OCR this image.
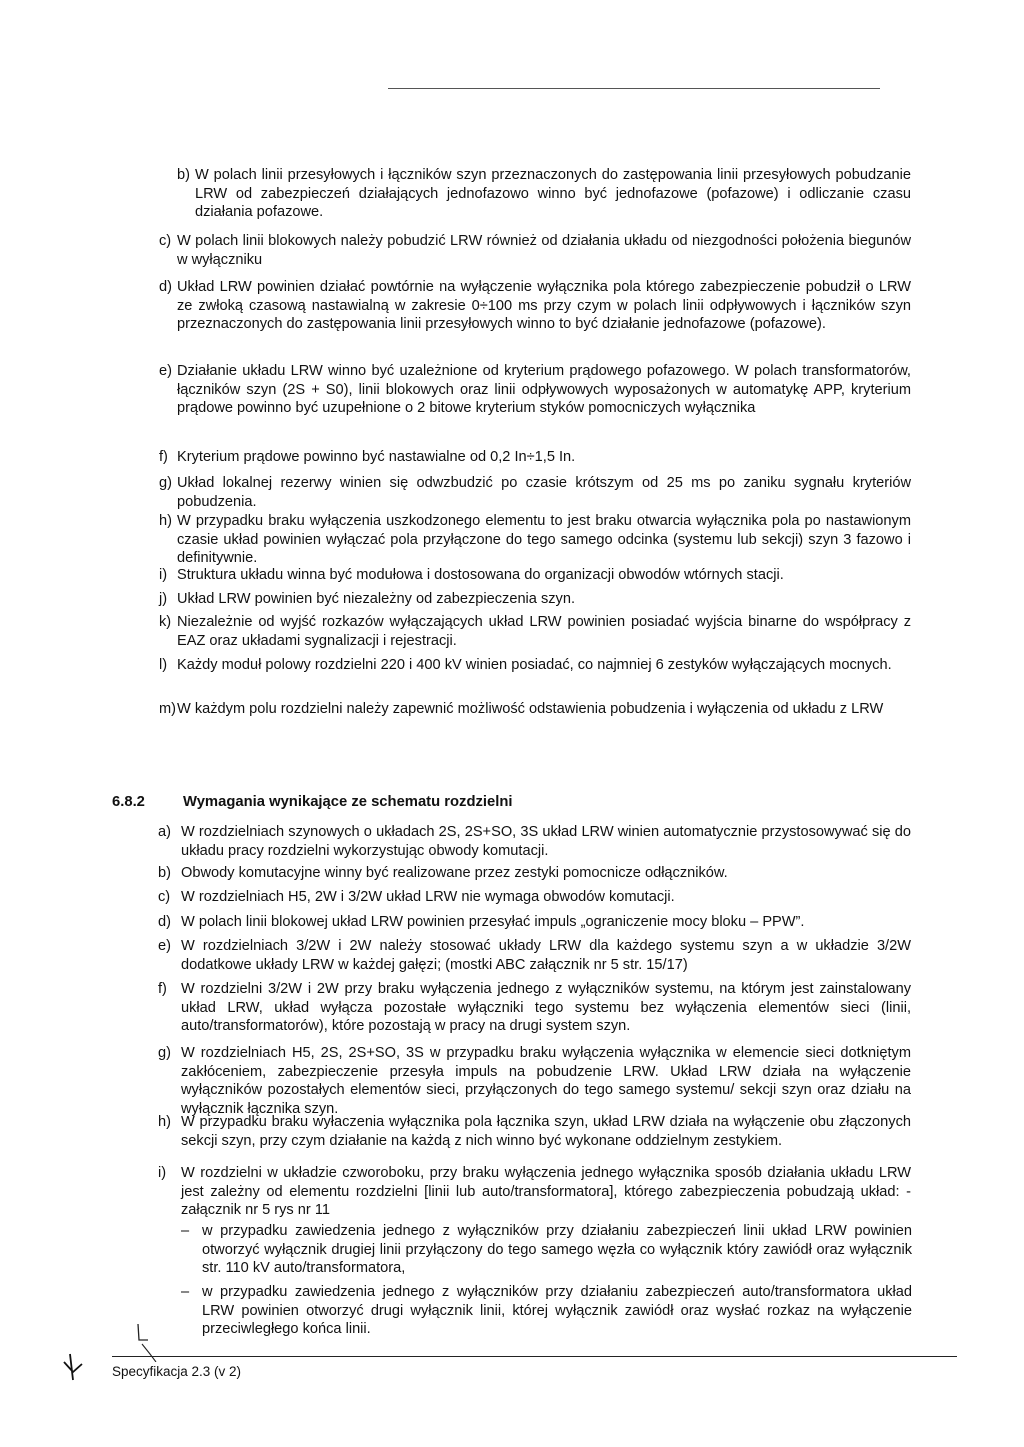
b) W polach linii przesyłowych i łączników szyn przeznaczonych do zastępowania linii przesyłowych pobudzanie LRW od zabezpieczeń działających jednofazowo winno być jednofazowe (pofazowe) i odliczanie czasu działania pofazowe.
c) W polach linii blokowych należy pobudzić LRW również od działania układu od niezgodności położenia biegunów w wyłączniku
d) Układ LRW powinien działać powtórnie na wyłączenie wyłącznika pola którego zabezpieczenie pobudził o LRW ze zwłoką czasową nastawialną w zakresie 0÷100 ms przy czym w polach linii odpływowych i łączników szyn przeznaczonych do zastępowania linii przesyłowych winno to być działanie jednofazowe (pofazowe).
e) Działanie układu LRW winno być uzależnione od kryterium prądowego pofazowego. W polach transformatorów, łączników szyn (2S + S0), linii blokowych oraz linii odpływowych wyposażonych w automatykę APP, kryterium prądowe powinno być uzupełnione o 2 bitowe kryterium styków pomocniczych wyłącznika
f) Kryterium prądowe powinno być nastawialne od 0,2 In÷1,5 In.
g) Układ lokalnej rezerwy winien się odwzbudzić po czasie krótszym od 25 ms po zaniku sygnału kryteriów pobudzenia.
h) W przypadku braku wyłączenia uszkodzonego elementu to jest braku otwarcia wyłącznika pola po nastawionym czasie układ powinien wyłączać pola przyłączone do tego samego odcinka (systemu lub sekcji) szyn 3 fazowo i definitywnie.
i) Struktura układu winna być modułowa i dostosowana do organizacji obwodów wtórnych stacji.
j) Układ LRW powinien być niezależny od zabezpieczenia szyn.
k) Niezależnie od wyjść rozkazów wyłączających układ LRW powinien posiadać wyjścia binarne do współpracy z EAZ oraz układami sygnalizacji i rejestracji.
l) Każdy moduł polowy rozdzielni 220 i 400 kV winien posiadać, co najmniej 6 zestyków wyłączających mocnych.
m) W każdym polu rozdzielni należy zapewnić możliwość odstawienia pobudzenia i wyłączenia od układu z LRW
6.8.2	Wymagania wynikające ze schematu rozdzielni
a) W rozdzielniach szynowych o układach 2S, 2S+SO, 3S układ LRW winien automatycznie przystosowywać się do układu pracy rozdzielni wykorzystując obwody komutacji.
b) Obwody komutacyjne winny być realizowane przez zestyki pomocnicze odłączników.
c) W rozdzielniach H5, 2W i 3/2W układ LRW nie wymaga obwodów komutacji.
d) W polach linii blokowej układ LRW powinien przesyłać impuls „ograniczenie mocy bloku – PPW”.
e) W rozdzielniach 3/2W i 2W należy stosować układy LRW dla każdego systemu szyn a w układzie 3/2W dodatkowe układy LRW w każdej gałęzi; (mostki ABC załącznik nr 5 str. 15/17)
f) W rozdzielni 3/2W i 2W przy braku wyłączenia jednego z wyłączników systemu, na którym jest zainstalowany układ LRW, układ wyłącza pozostałe wyłączniki tego systemu bez wyłączenia elementów sieci (linii, auto/transformatorów), które pozostają w pracy na drugi system szyn.
g) W rozdzielniach H5, 2S, 2S+SO, 3S w przypadku braku wyłączenia wyłącznika w elemencie sieci dotkniętym zakłóceniem, zabezpieczenie przesyła impuls na pobudzenie LRW. Układ LRW działa na wyłączenie wyłączników pozostałych elementów sieci, przyłączonych do tego samego systemu/ sekcji szyn oraz działu na wyłącznik łącznika szyn.
h) W przypadku braku wyłaczenia wyłącznika pola łącznika szyn, układ LRW działa na wyłączenie obu złączonych sekcji szyn, przy czym działanie na każdą z nich winno być wykonane oddzielnym zestykiem.
i)	W rozdzielni w układzie czworoboku, przy braku wyłączenia jednego wyłącznika sposób działania układu LRW jest zależny od elementu rozdzielni [linii lub auto/transformatora], którego zabezpieczenia pobudzają układ: - załącznik nr 5 rys nr 11
– w przypadku zawiedzenia jednego z wyłączników przy działaniu zabezpieczeń linii układ LRW powinien otworzyć wyłącznik drugiej linii przyłączony do tego samego węzła co wyłącznik który zawiódł oraz wyłącznik str. 110 kV auto/transformatora,
– w przypadku zawiedzenia jednego z wyłączników przy działaniu zabezpieczeń auto/transformatora układ LRW powinien otworzyć drugi wyłącznik linii, której wyłącznik zawiódł oraz wysłać rozkaz na wyłączenie przeciwległego końca linii.
Specyfikacja 2.3 (v 2)
